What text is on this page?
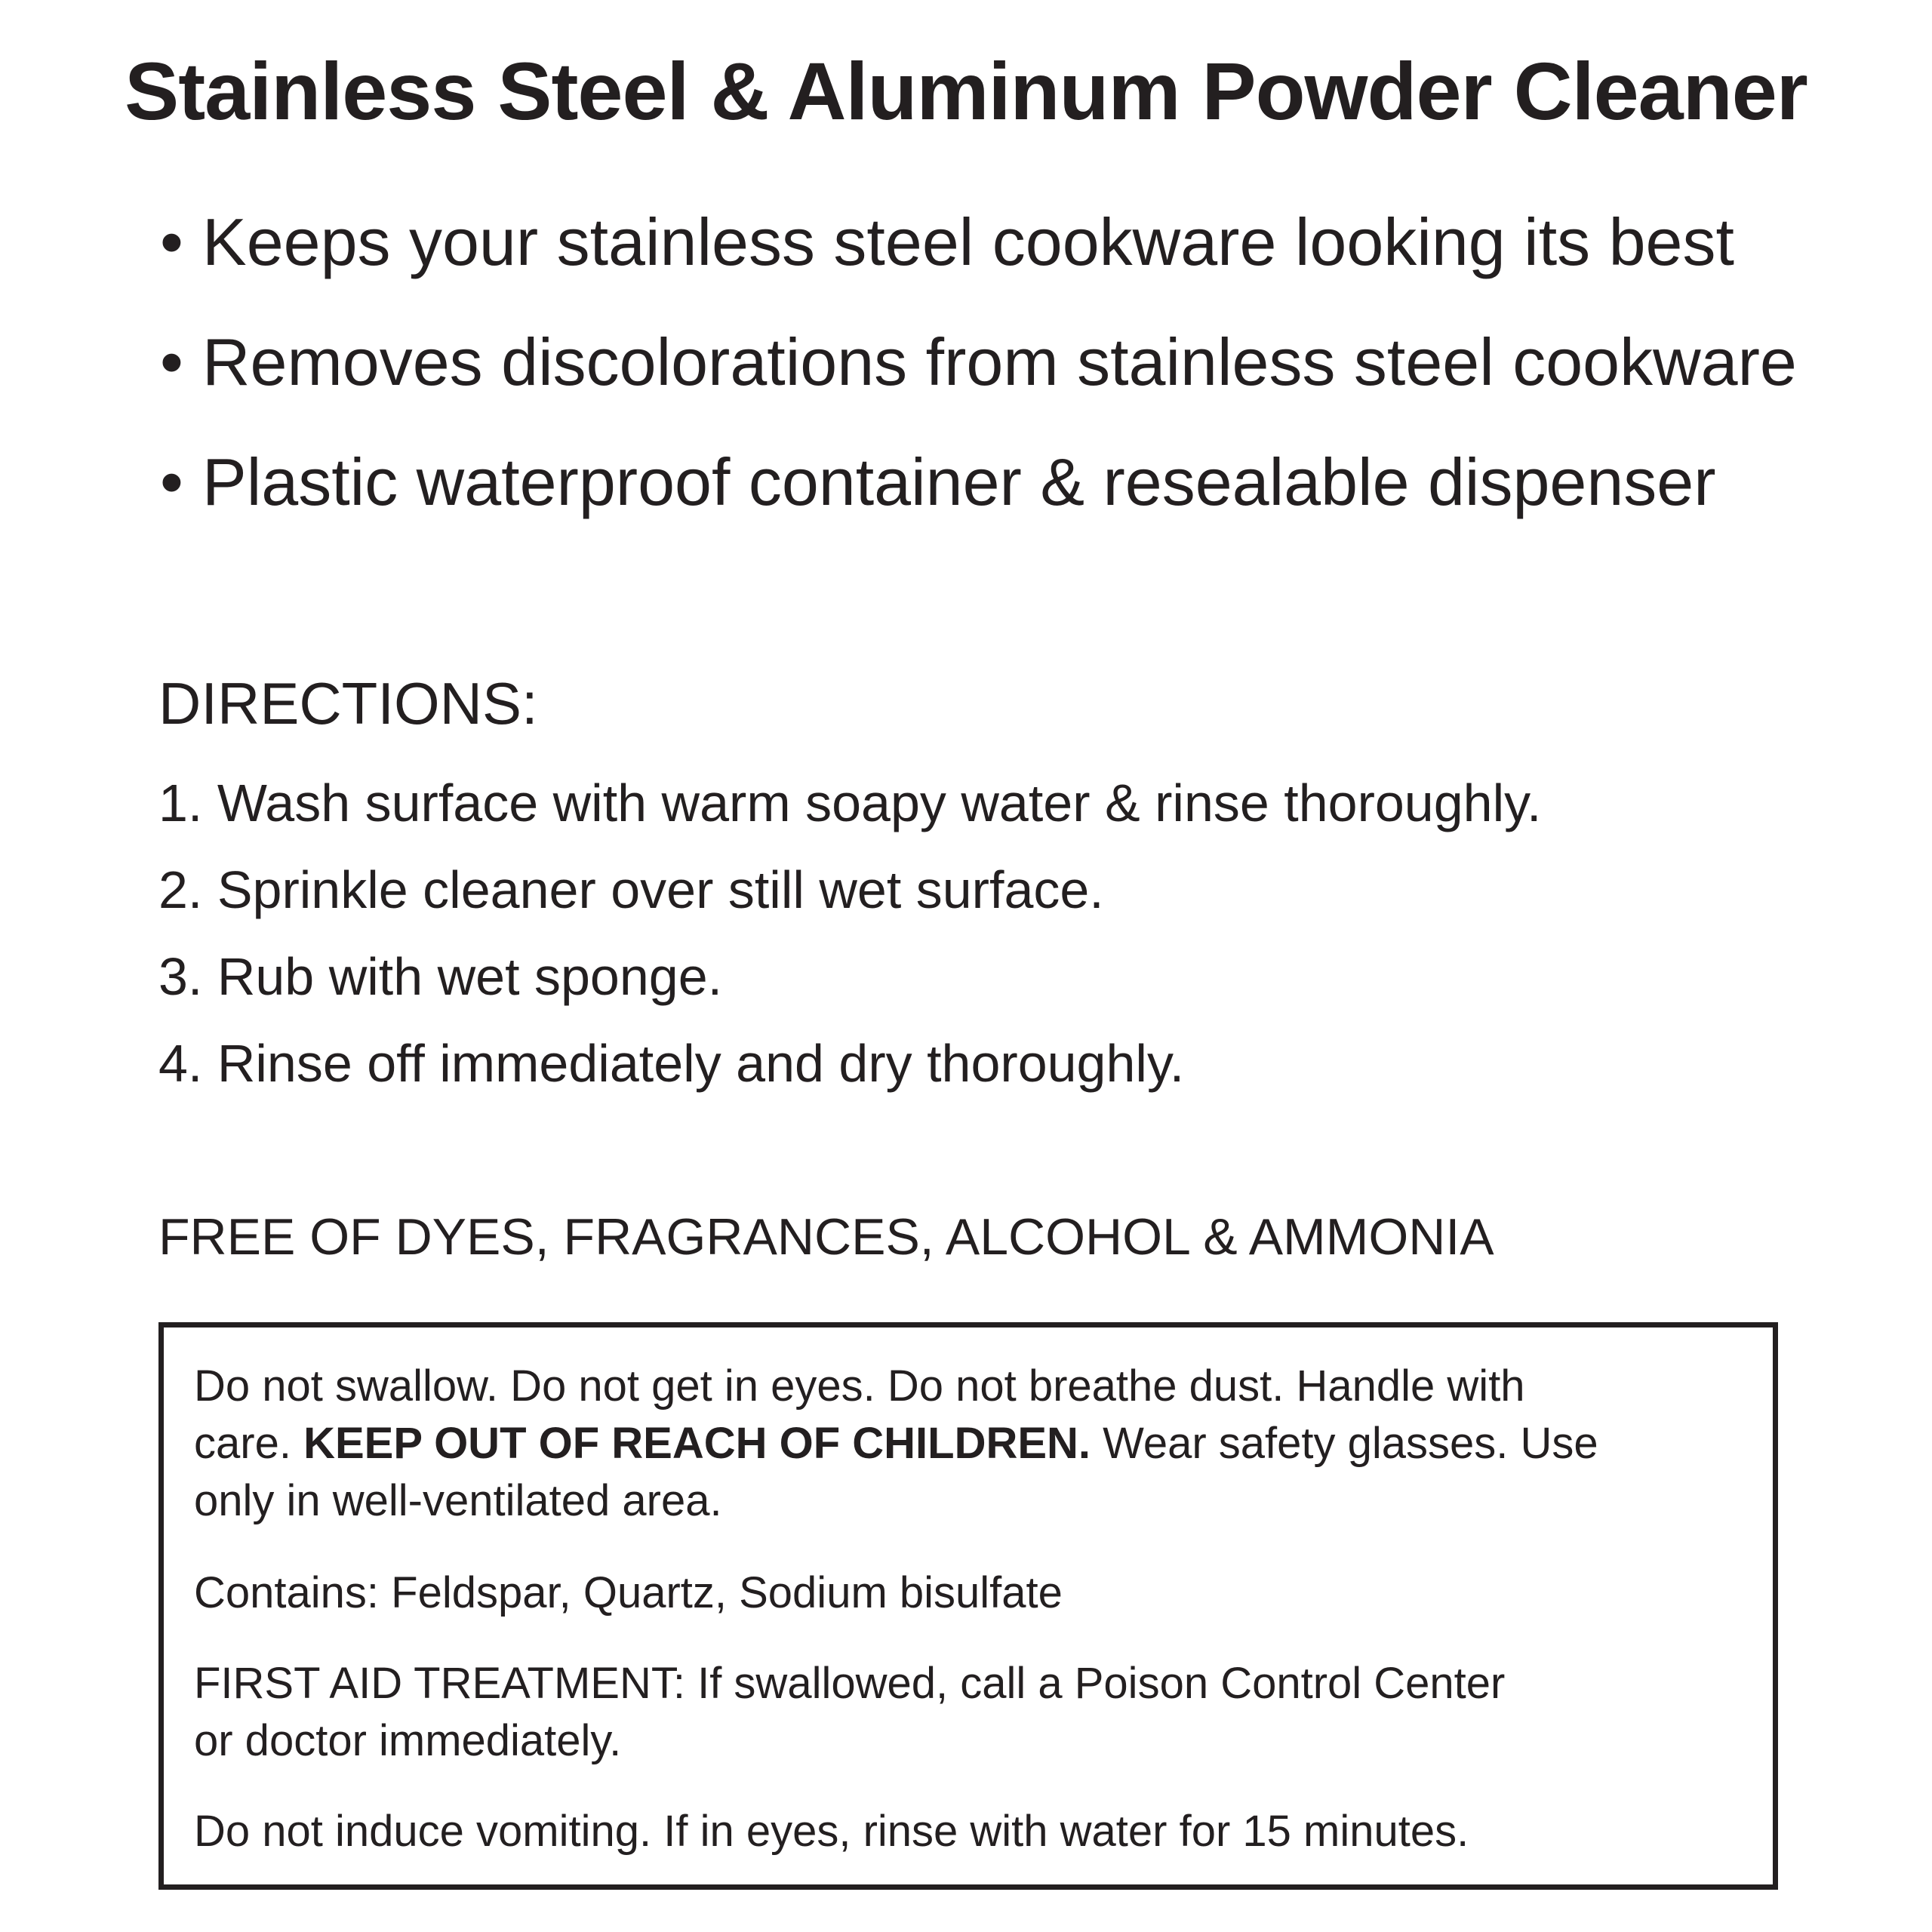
Stainless Steel & Aluminum Powder Cleaner
• Keeps your stainless steel cookware looking its best
• Removes discolorations from stainless steel cookware
• Plastic waterproof container & resealable dispenser
DIRECTIONS:
1. Wash surface with warm soapy water & rinse thoroughly.
2. Sprinkle cleaner over still wet surface.
3. Rub with wet sponge.
4. Rinse off immediately and dry thoroughly.
FREE OF DYES, FRAGRANCES, ALCOHOL & AMMONIA
Do not swallow. Do not get in eyes. Do not breathe dust. Handle with
care. KEEP OUT OF REACH OF CHILDREN. Wear safety glasses. Use
only in well-ventilated area.
Contains: Feldspar, Quartz, Sodium bisulfate
FIRST AID TREATMENT: If swallowed, call a Poison Control Center
or doctor immediately.
Do not induce vomiting. If in eyes, rinse with water for 15 minutes.
